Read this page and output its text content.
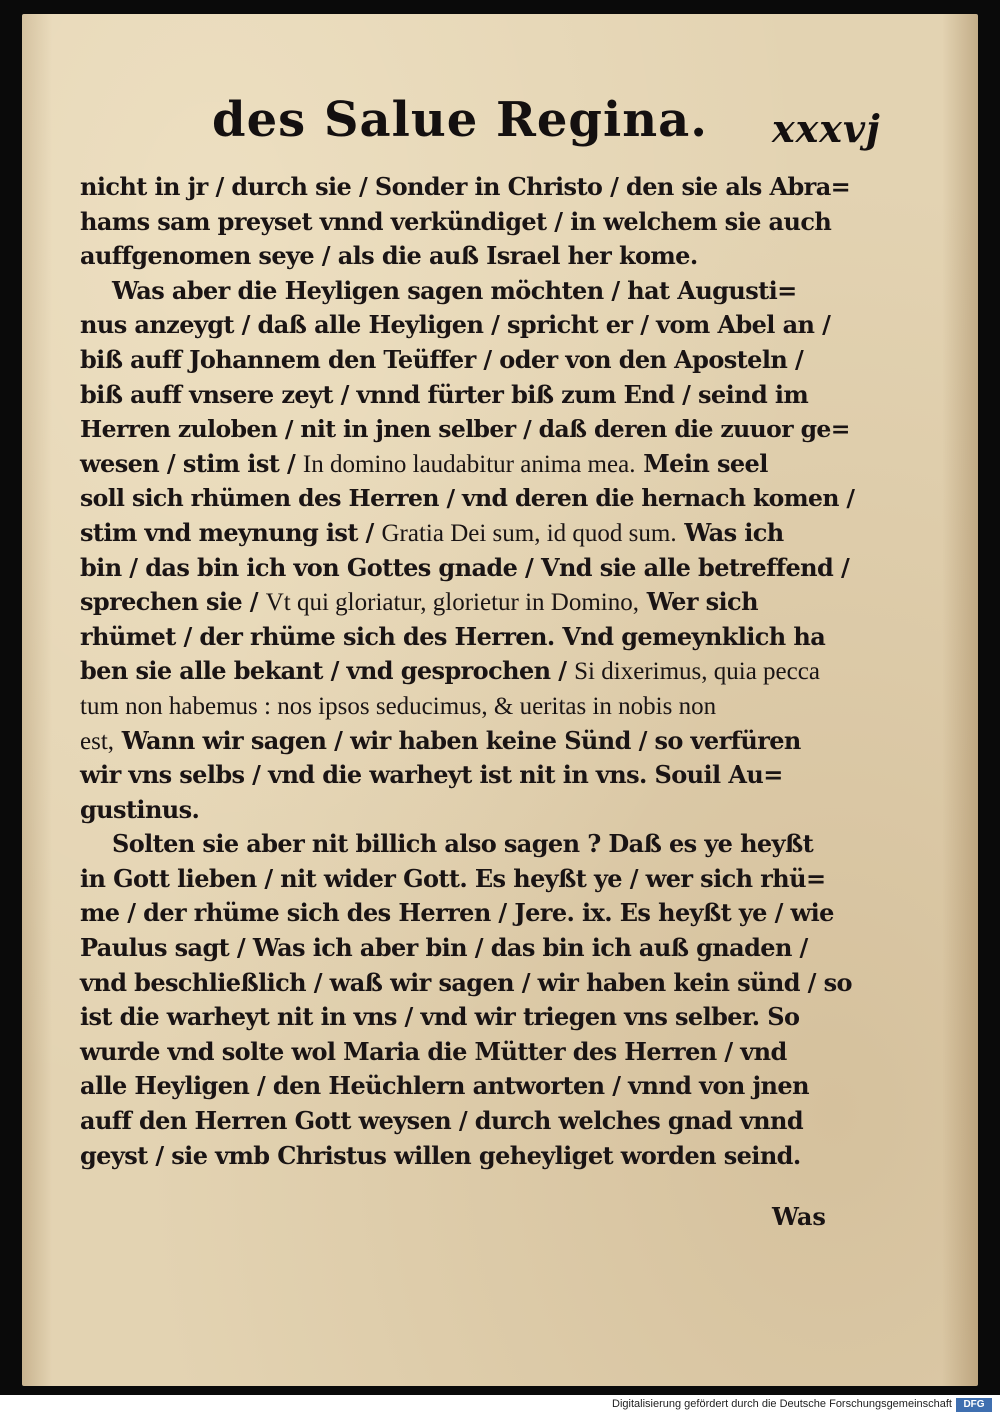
des Salue Regina. xxxvj
nicht in jr / durch sie / Sonder in Christo / den sie als Abra=
hams sam preyset vnnd verkündiget / in welchem sie auch
auffgenomen seye / als die auß Israel her kome.
Was aber die Heyligen sagen möchten / hat Augusti=
nus anzeygt / daß alle Heyligen / spricht er / vom Abel an /
biß auff Johannem den Teüffer / oder von den Aposteln /
biß auff vnsere zeyt / vnnd fürter biß zum End / seind im
Herren zuloben / nit in jnen selber / daß deren die zuuor ge=
wesen / stim ist / In domino laudabitur anima mea. Mein seel
soll sich rhümen des Herren / vnd deren die hernach komen /
stim vnd meynung ist / Gratia Dei sum, id quod sum. Was ich
bin / das bin ich von Gottes gnade / Vnd sie alle betreffend /
sprechen sie / Vt qui gloriatur, glorietur in Domino, Wer sich
rhümet / der rhüme sich des Herren. Vnd gemeynklich ha
ben sie alle bekant / vnd gesprochen / Si dixerimus, quia pecca
tum non habemus : nos ipsos seducimus, & ueritas in nobis non
est, Wann wir sagen / wir haben keine Sünd / so verfüren
wir vns selbs / vnd die warheyt ist nit in vns. Souil Au=
gustinus.
Solten sie aber nit billich also sagen ? Daß es ye heyßt
in Gott lieben / nit wider Gott. Es heyßt ye / wer sich rhü=
me / der rhüme sich des Herren / Jere. ix. Es heyßt ye / wie
Paulus sagt / Was ich aber bin / das bin ich auß gnaden /
vnd beschließlich / waß wir sagen / wir haben kein sünd / so
ist die warheyt nit in vns / vnd wir triegen vns selber. So
wurde vnd solte wol Maria die Mütter des Herren / vnd
alle Heyligen / den Heüchlern antworten / vnnd von jnen
auff den Herren Gott weysen / durch welches gnad vnnd
geyst / sie vmb Christus willen geheyliget worden seind.
Was
Digitalisierung gefördert durch die Deutsche Forschungsgemeinschaft	DFG
